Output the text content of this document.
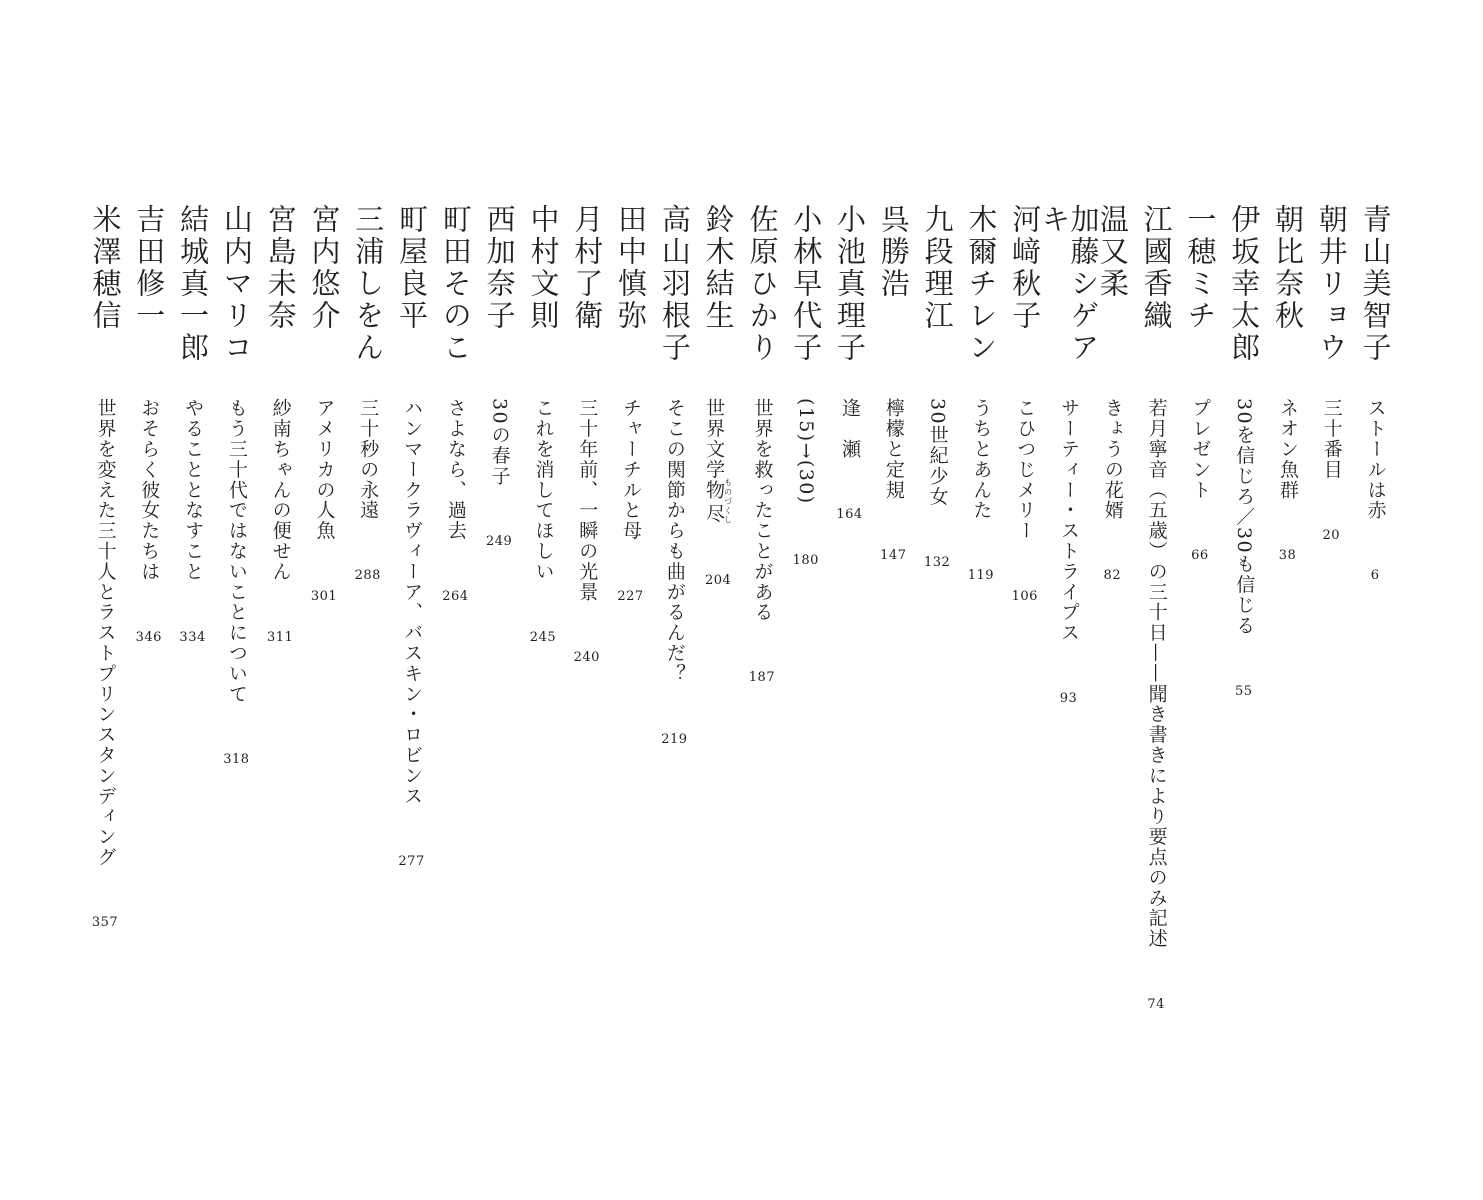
青山美智子
ストールは赤
6
朝井リョウ
三十番目
20
朝比奈秋
ネオン魚群
38
伊坂幸太郎
30を信じろ／30も信じる
55
一穂ミチ
プレゼント
66
江國香織
若月寧音（五歳）の三十日——聞き書きにより要点のみ記述
74
温又柔
きょうの花婿
82
加藤シゲアキ
サーティー・ストライプス
93
河﨑秋子
こひつじメリー
106
木爾チレン
うちとあんた
119
九段理江
30世紀少女
132
呉勝浩
檸檬と定規
147
小池真理子
逢　瀬
164
小林早代子
(15)→(30)
180
佐原ひかり
世界を救ったことがある
187
鈴木結生
世界文学物尽ものづくし
204
高山羽根子
そこの関節からも曲がるんだ？
219
田中慎弥
チャーチルと母
227
月村了衛
三十年前、一瞬の光景
240
中村文則
これを消してほしい
245
西加奈子
30の春子
249
町田そのこ
さよなら、過去
264
町屋良平
ハンマークラヴィーア、バスキン・ロビンス
277
三浦しをん
三十秒の永遠
288
宮内悠介
アメリカの人魚
301
宮島未奈
紗南ちゃんの便せん
311
山内マリコ
もう三十代ではないことについて
318
結城真一郎
やることとなすこと
334
吉田修一
おそらく彼女たちは
346
米澤穂信
世界を変えた三十人とラストプリンスタンディング
357
